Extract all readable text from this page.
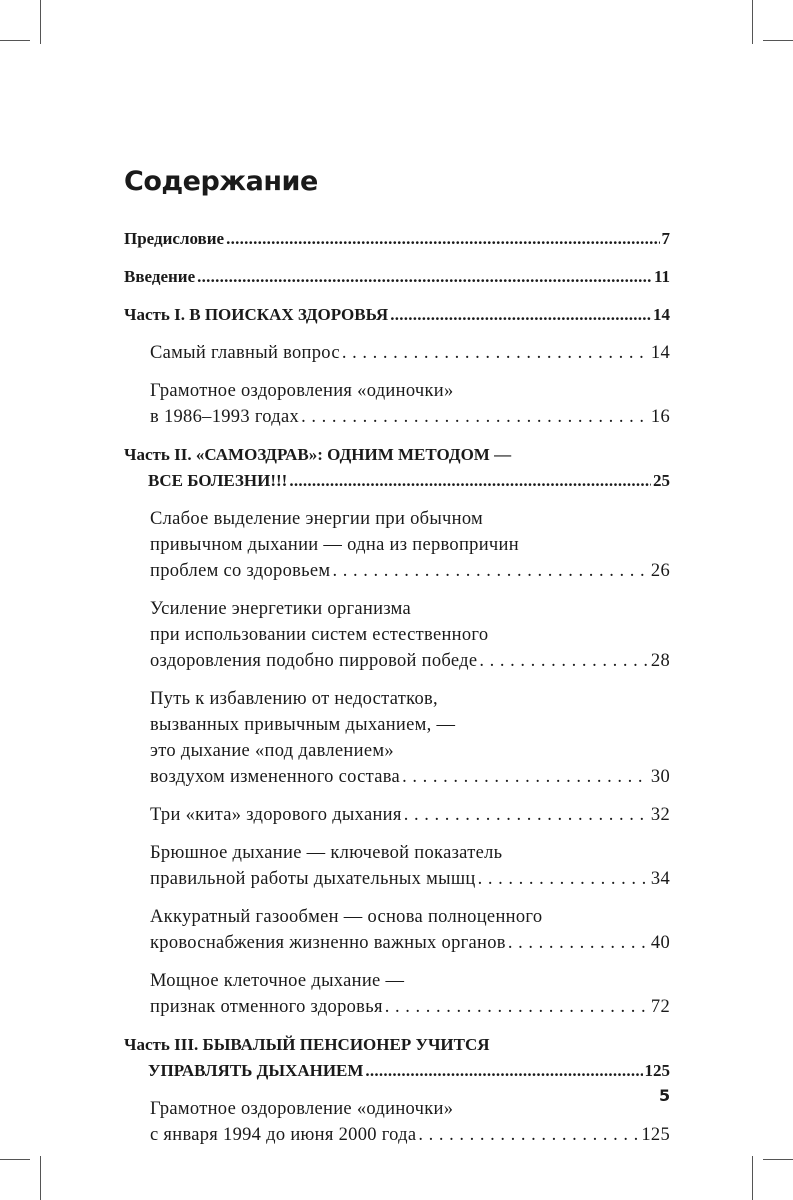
Содержание
Предисловие . . .	7
Введение . . .	11
Часть I. В ПОИСКАХ ЗДОРОВЬЯ . . .	14
Самый главный вопрос . . .	14
Грамотное оздоровления «одиночки»
в 1986–1993 годах . . .	16
Часть II. «САМОЗДРАВ»: ОДНИМ МЕТОДОМ —
ВСЕ БОЛЕЗНИ!!! . . .	25
Слабое выделение энергии при обычном
привычном дыхании — одна из первопричин
проблем со здоровьем . . .	26
Усиление энергетики организма
при использовании систем естественного
оздоровления подобно пирровой победе . . .	28
Путь к избавлению от недостатков,
вызванных привычным дыханием, —
это дыхание «под давлением»
воздухом измененного состава . . .	30
Три «кита» здорового дыхания . . .	32
Брюшное дыхание — ключевой показатель
правильной работы дыхательных мышц . . .	34
Аккуратный газообмен — основа полноценного
кровоснабжения жизненно важных органов . . .	40
Мощное клеточное дыхание —
признак отменного здоровья . . .	72
Часть III. БЫВАЛЫЙ ПЕНСИОНЕР УЧИТСЯ
УПРАВЛЯТЬ ДЫХАНИЕМ . . .	125
Грамотное оздоровление «одиночки»
с января 1994 до июня 2000 года . . .	125
5
